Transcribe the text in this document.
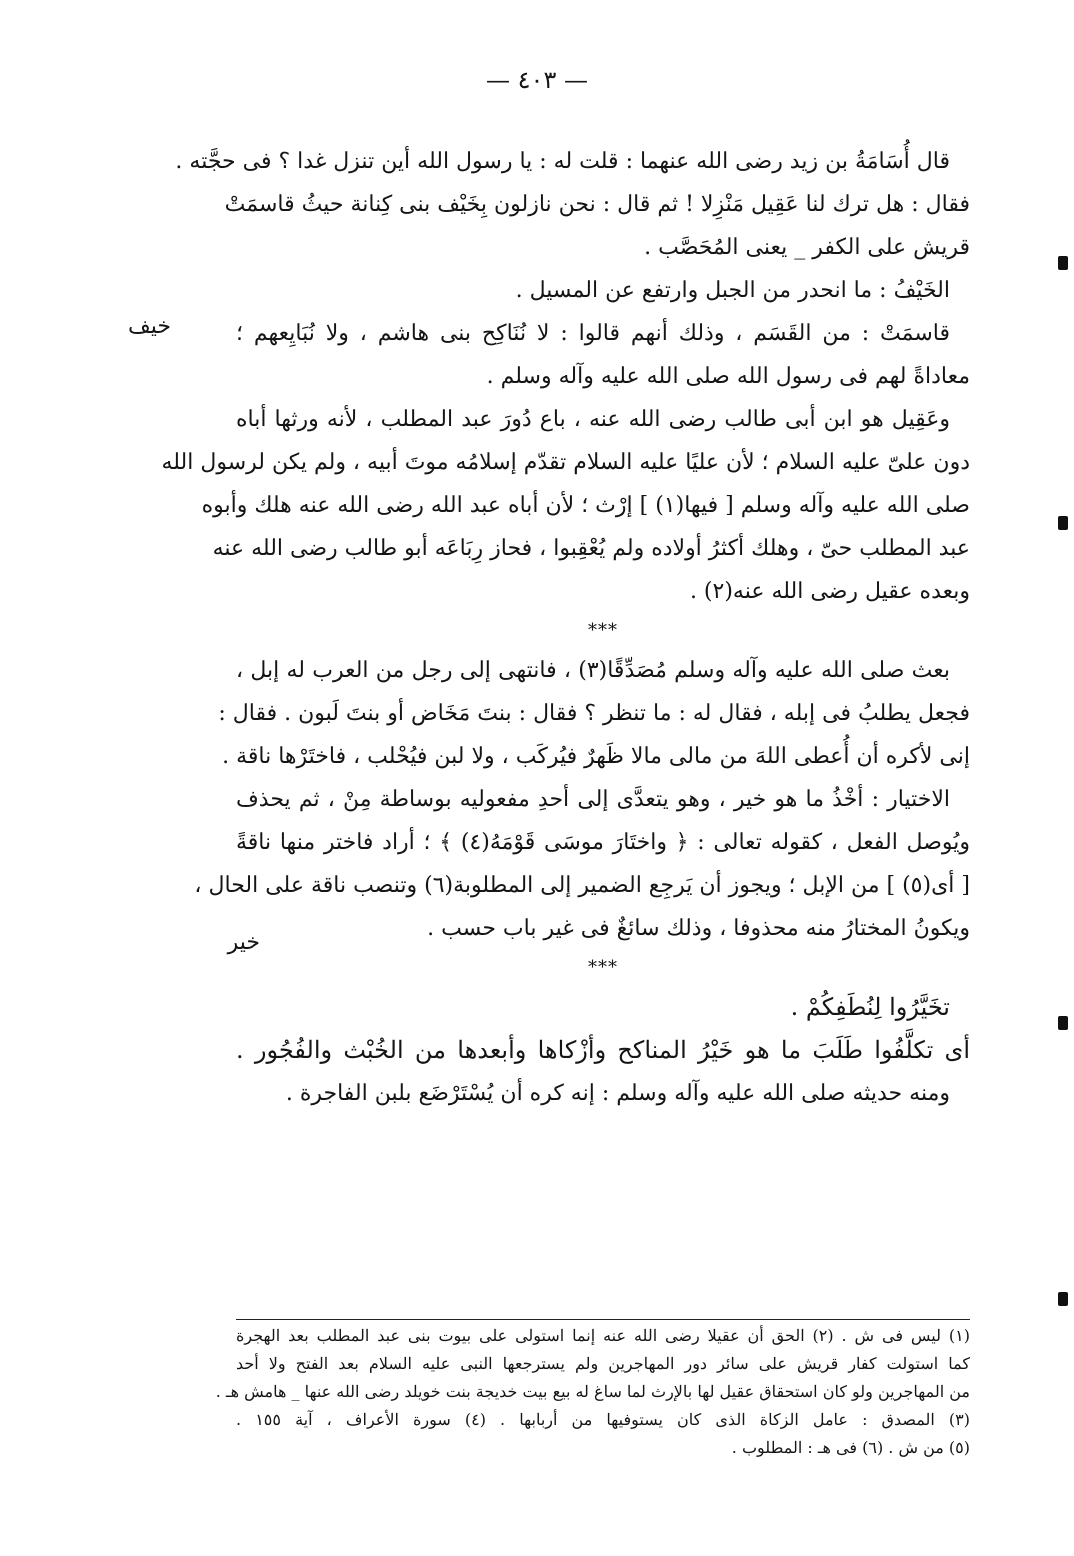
— ٤٠٣ —
خيف
خير
قال أُسَامَةُ بن زيد رضى الله عنهما : قلت له : يا رسول الله أين تنزل غدا ؟ فى حجَّته .
فقال : هل ترك لنا عَقِيل مَنْزِلا ! ثم قال : نحن نازلون بِخَيْف بنى كِنانة حيثُ قاسمَتْ
قريش على الكفر _ يعنى المُحَصَّب .
الخَيْفُ : ما انحدر من الجبل وارتفع عن المسيل .
قاسمَتْ : من القَسَم ، وذلك أنهم قالوا : لا نُنَاكِح بنى هاشم ، ولا نُبَايِعهم ؛
معاداةً لهم فى رسول الله صلى الله عليه وآله وسلم .
وعَقِيل هو ابن أبى طالب رضى الله عنه ، باع دُورَ عبد المطلب ، لأنه ورثها أباه
دون علىّ عليه السلام ؛ لأن عليًا عليه السلام تقدّم إسلامُه موتَ أبيه ، ولم يكن لرسول الله
صلى الله عليه وآله وسلم [ فيها(١) ] إرْث ؛ لأن أباه عبد الله رضى الله عنه هلك وأبوه
عبد المطلب حىّ ، وهلك أكثرُ أولاده ولم يُعْقِبوا ، فحاز رِبَاعَه أبو طالب رضى الله عنه
وبعده عقيل رضى الله عنه(٢) .
***
بعث صلى الله عليه وآله وسلم مُصَدِّقًا(٣) ، فانتهى إلى رجل من العرب له إبل ،
فجعل يطلبُ فى إبله ، فقال له : ما تنظر ؟ فقال : بنتَ مَخَاض أو بنتَ لَبون . فقال :
إنى لأكره أن أُعطى اللهَ من مالى مالا ظَهرٌ فيُركَب ، ولا لبن فيُحْلب ، فاختَرْها ناقة .
الاختيار : أخْذُ ما هو خير ، وهو يتعدَّى إلى أحدِ مفعوليه بوساطة مِنْ ، ثم يحذف
ويُوصل الفعل ، كقوله تعالى : ﴿ واختَارَ موسَى قَوْمَهُ(٤) ﴾ ؛ أراد فاختر منها ناقةً
[ أى(٥) ] من الإبل ؛ ويجوز أن يَرجِع الضمير إلى المطلوبة(٦) وتنصب ناقة على الحال ،
ويكونُ المختارُ منه محذوفا ، وذلك سائغٌ فى غير باب حسب .
***
تخَيَّرُوا لِنُطَفِكُمْ .
أى تكلَّفُوا طَلَبَ ما هو خَيْرُ المناكح وأزْكاها وأبعدها من الخُبْث والفُجُور .
ومنه حديثه صلى الله عليه وآله وسلم : إنه كره أن يُسْتَرْضَع بلبن الفاجرة .
(١) ليس فى ش . (٢) الحق أن عقيلا رضى الله عنه إنما استولى على بيوت بنى عبد المطلب بعد الهجرة
كما استولت كفار قريش على سائر دور المهاجرين ولم يسترجعها النبى عليه السلام بعد الفتح ولا أحد
من المهاجرين ولو كان استحقاق عقيل لها بالإرث لما ساغ له بيع بيت خديجة بنت خويلد رضى الله عنها _ هامش هـ .
(٣) المصدق : عامل الزكاة الذى كان يستوفيها من أربابها . (٤) سورة الأعراف ، آية ١٥٥ .
(٥) من ش . (٦) فى هـ : المطلوب .
